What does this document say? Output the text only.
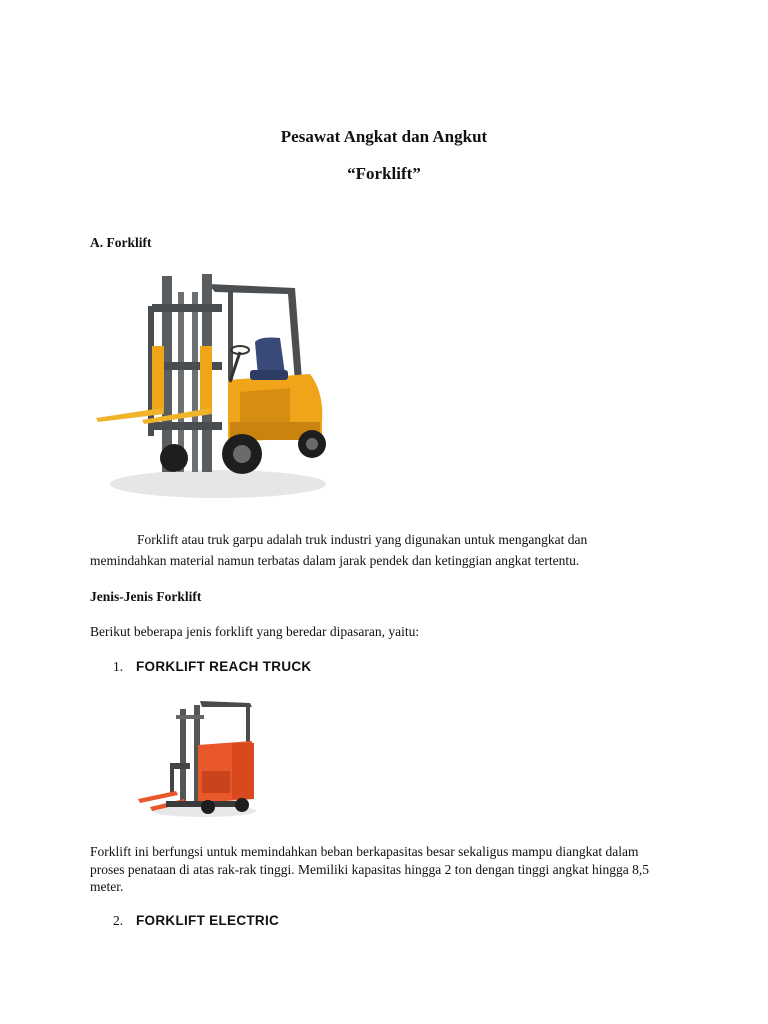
Pesawat Angkat dan Angkut
“Forklift”
A. Forklift

Forklift atau truk garpu adalah truk industri yang digunakan untuk mengangkat dan memindahkan material namun terbatas dalam jarak pendek dan ketinggian angkat tertentu.

Jenis-Jenis Forklift

Berikut beberapa jenis forklift yang beredar dipasaran, yaitu:

1. FORKLIFT REACH TRUCK

Forklift ini berfungsi untuk memindahkan beban berkapasitas besar sekaligus mampu diangkat dalam proses penataan di atas rak-rak tinggi. Memiliki kapasitas hingga 2 ton dengan tinggi angkat hingga 8,5 meter.

2. FORKLIFT ELECTRIC
